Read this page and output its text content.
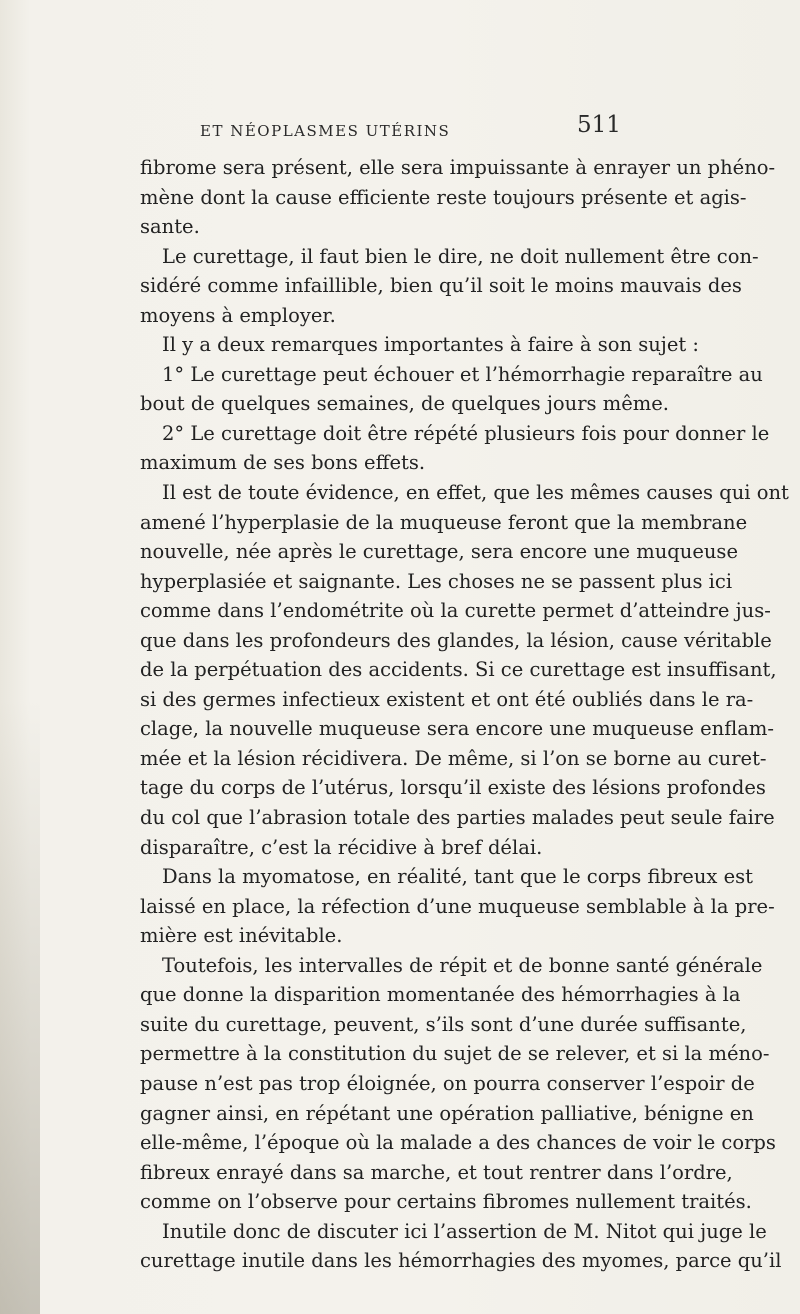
ET NÉOPLASMES UTÉRINS	511
fibrome sera présent, elle sera impuissante à enrayer un phéno-
mène dont la cause efficiente reste toujours présente et agis-
sante.
Le curettage, il faut bien le dire, ne doit nullement être con-
sidéré comme infaillible, bien qu’il soit le moins mauvais des
moyens à employer.
Il y a deux remarques importantes à faire à son sujet :
1° Le curettage peut échouer et l’hémorrhagie reparaître au
bout de quelques semaines, de quelques jours même.
2° Le curettage doit être répété plusieurs fois pour donner le
maximum de ses bons effets.
Il est de toute évidence, en effet, que les mêmes causes qui ont
amené l’hyperplasie de la muqueuse feront que la membrane
nouvelle, née après le curettage, sera encore une muqueuse
hyperplasiée et saignante. Les choses ne se passent plus ici
comme dans l’endométrite où la curette permet d’atteindre jus-
que dans les profondeurs des glandes, la lésion, cause véritable
de la perpétuation des accidents. Si ce curettage est insuffisant,
si des germes infectieux existent et ont été oubliés dans le ra-
clage, la nouvelle muqueuse sera encore une muqueuse enflam-
mée et la lésion récidivera. De même, si l’on se borne au curet-
tage du corps de l’utérus, lorsqu’il existe des lésions profondes
du col que l’abrasion totale des parties malades peut seule faire
disparaître, c’est la récidive à bref délai.
Dans la myomatose, en réalité, tant que le corps fibreux est
laissé en place, la réfection d’une muqueuse semblable à la pre-
mière est inévitable.
Toutefois, les intervalles de répit et de bonne santé générale
que donne la disparition momentanée des hémorrhagies à la
suite du curettage, peuvent, s’ils sont d’une durée suffisante,
permettre à la constitution du sujet de se relever, et si la méno-
pause n’est pas trop éloignée, on pourra conserver l’espoir de
gagner ainsi, en répétant une opération palliative, bénigne en
elle-même, l’époque où la malade a des chances de voir le corps
fibreux enrayé dans sa marche, et tout rentrer dans l’ordre,
comme on l’observe pour certains fibromes nullement traités.
Inutile donc de discuter ici l’assertion de M. Nitot qui juge le
curettage inutile dans les hémorrhagies des myomes, parce qu’il
